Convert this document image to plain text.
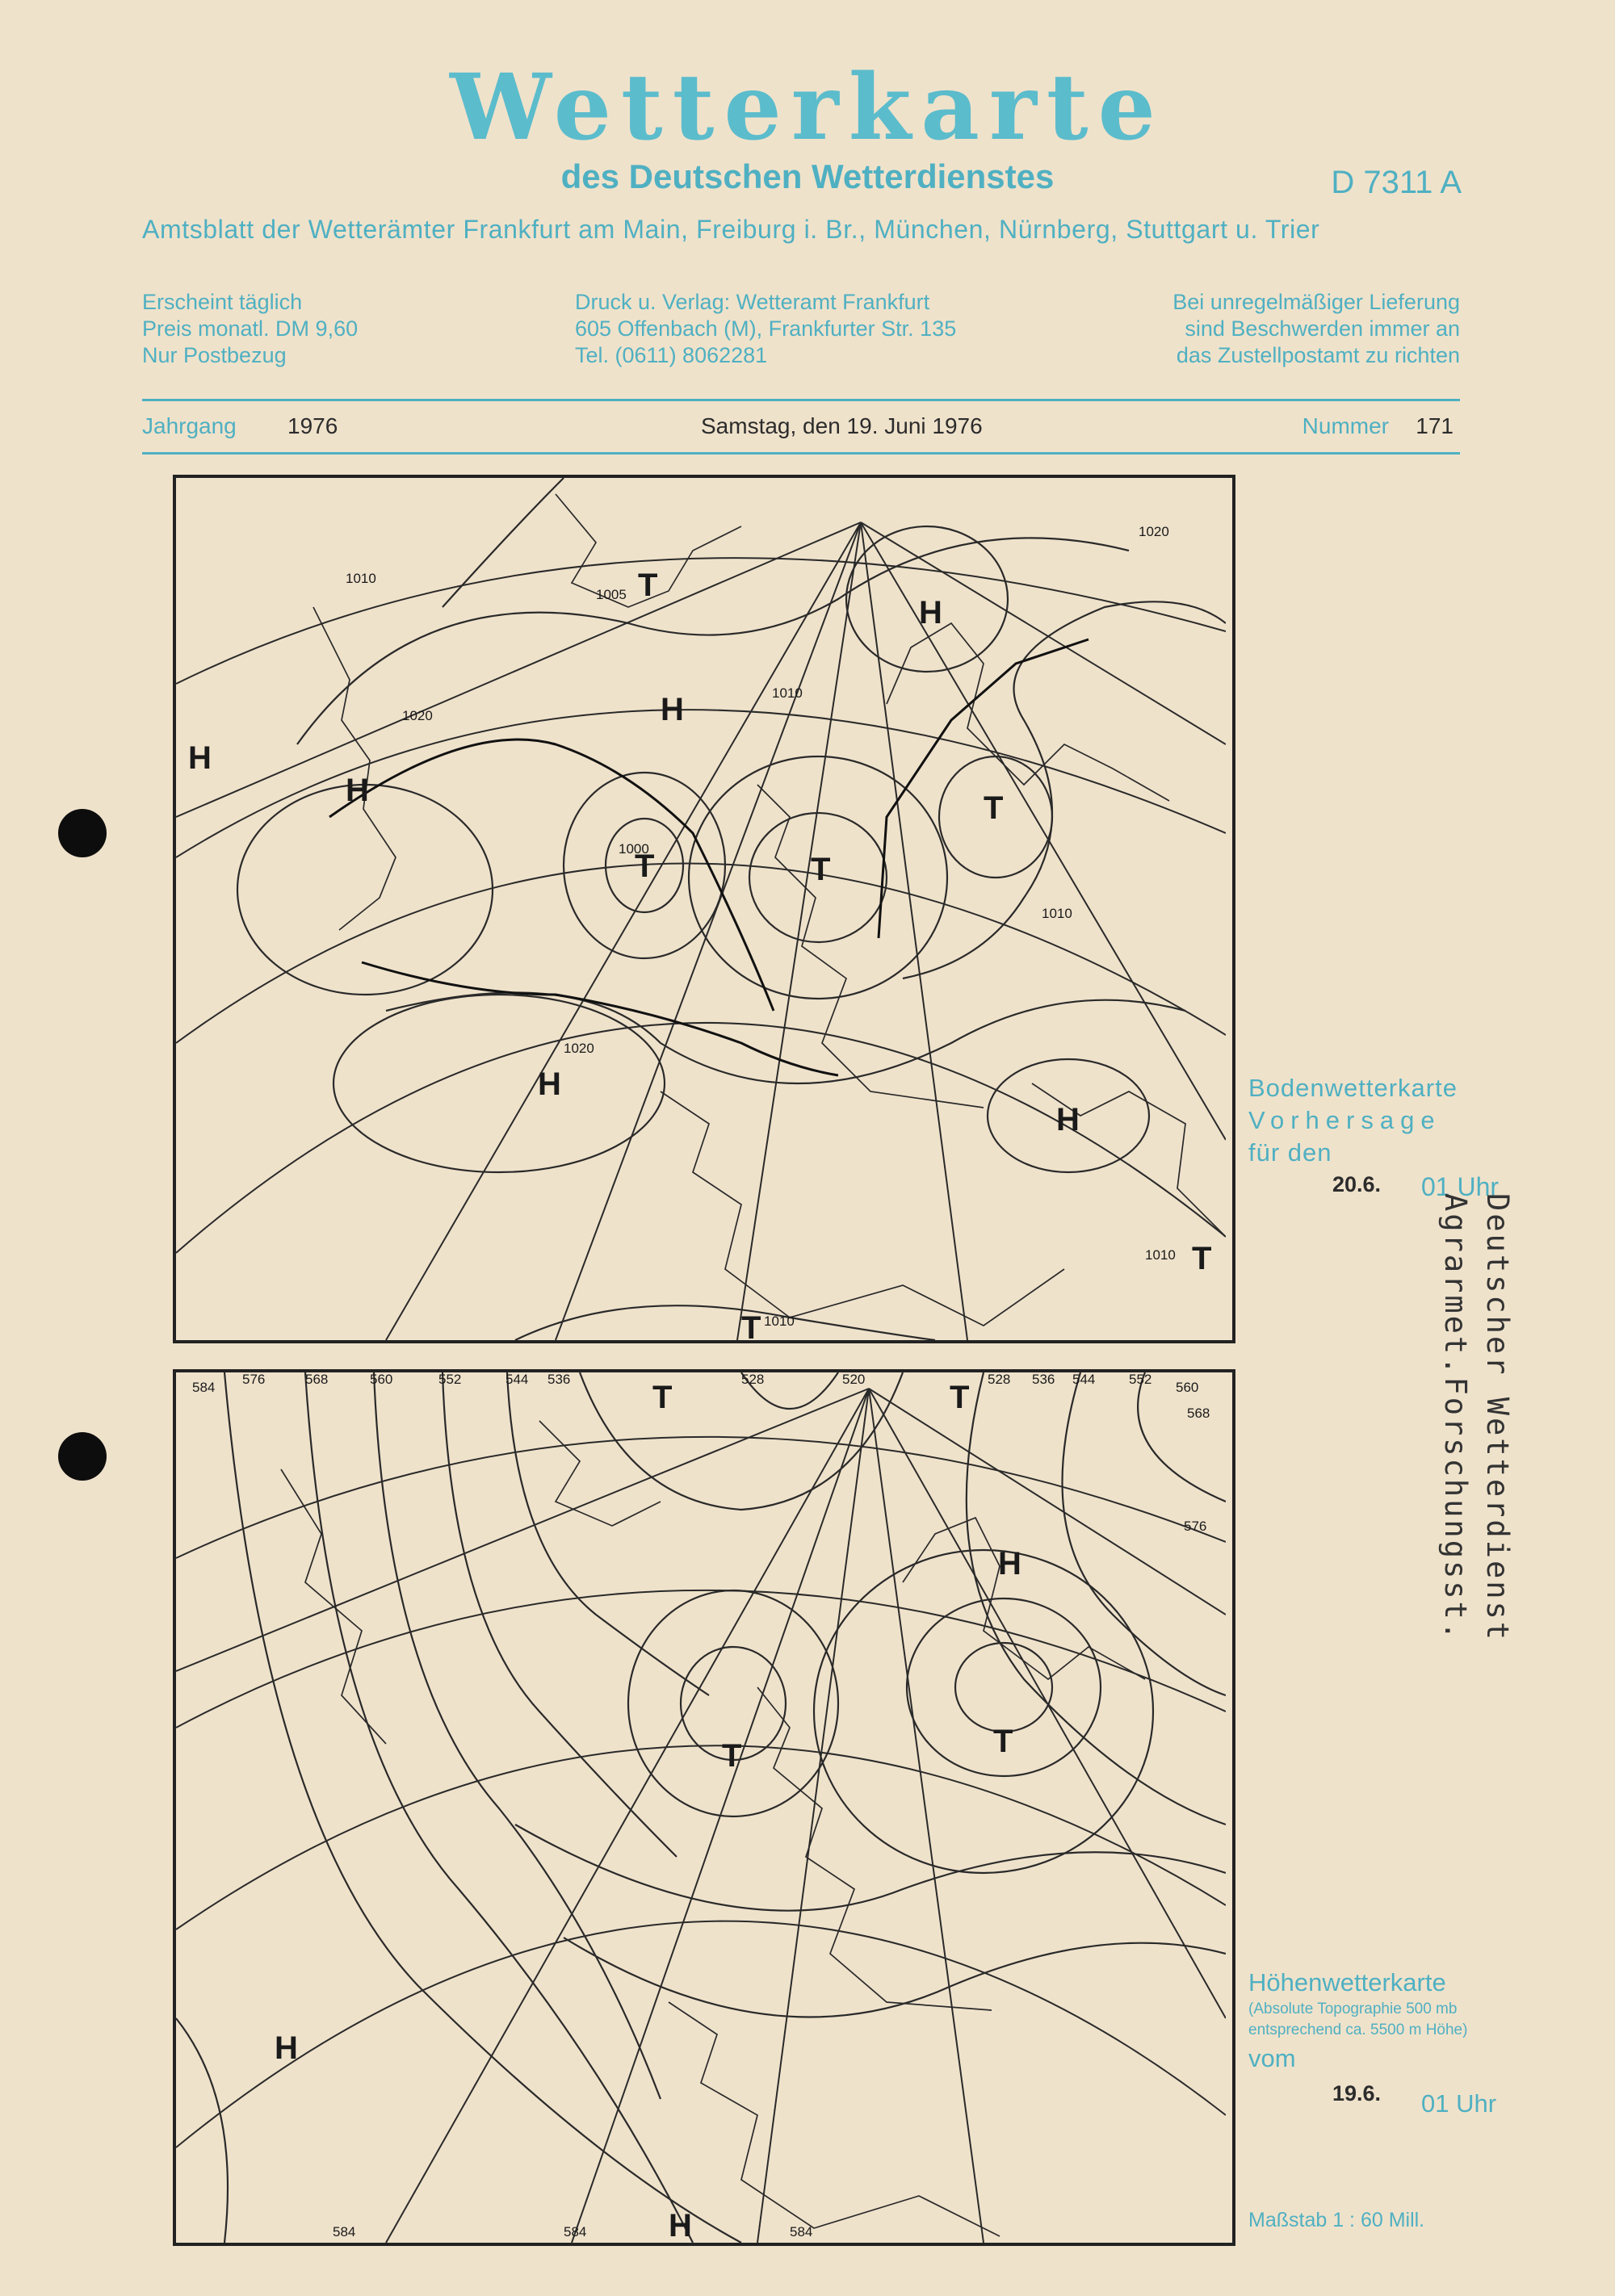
Wetterkarte
des Deutschen Wetterdienstes	D 7311 A
Amtsblatt der Wetterämter Frankfurt am Main, Freiburg i. Br., München, Nürnberg, Stuttgart u. Trier
Erscheint täglich
Preis monatl. DM 9,60
Nur Postbezug
Druck u. Verlag: Wetteramt Frankfurt
605 Offenbach (M), Frankfurter Str. 135
Tel. (0611) 8062281
Bei unregelmäßiger Lieferung
sind Beschwerden immer an
das Zustellpostamt zu richten
Jahrgang 1976	Samstag, den 19. Juni 1976	Nummer 171
1010
1020
1005
1000
1010
1010
1020
1020
1010
1010
H
H
H
H
T	T
T
T
H
H
T
T
Bodenwetterkarte
Vorhersage
für den
20.6. 01 Uhr
584
576	568	560	552	544 536	528	520	528 536 544 552
560
568
576
584	584	584
T	T
T	T
H
H
H
Höhenwetterkarte
(Absolute Topographie 500 mb
entsprechend ca. 5500 m Höhe)
vom
19.6. 01 Uhr
Maßstab 1 : 60 Mill.
Deutscher Wetterdienst
Agrarmet.Forschungsst.
